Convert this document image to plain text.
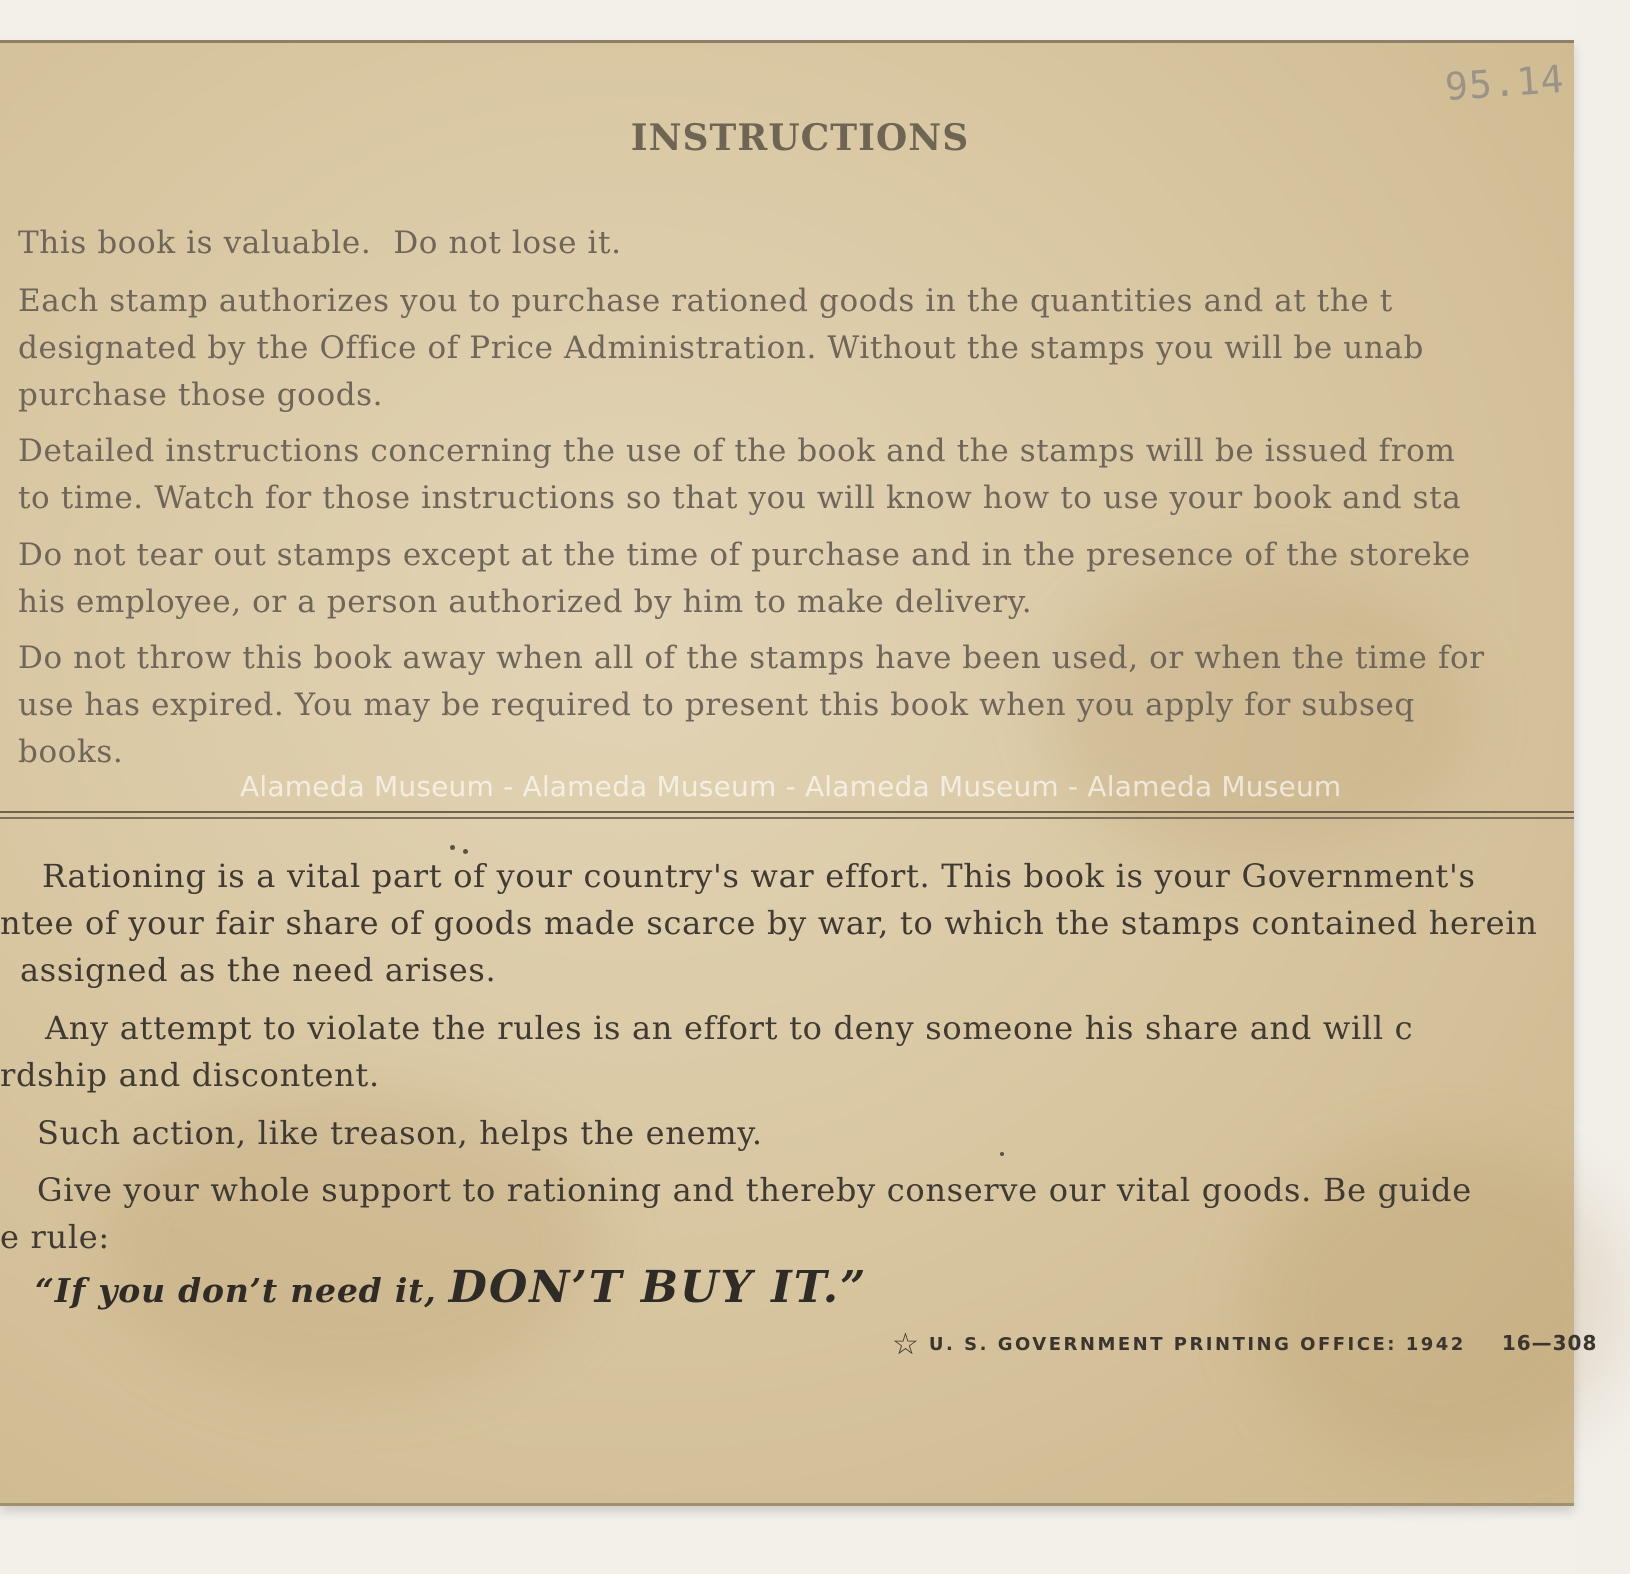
95.14
INSTRUCTIONS
This book is valuable. Do not lose it.
Each stamp authorizes you to purchase rationed goods in the quantities and at the t
designated by the Office of Price Administration. Without the stamps you will be unab
purchase those goods.
Detailed instructions concerning the use of the book and the stamps will be issued from
to time. Watch for those instructions so that you will know how to use your book and sta
Do not tear out stamps except at the time of purchase and in the presence of the storeke
his employee, or a person authorized by him to make delivery.
Do not throw this book away when all of the stamps have been used, or when the time for
use has expired. You may be required to present this book when you apply for subseq
books.
Alameda Museum - Alameda Museum - Alameda Museum - Alameda Museum
Rationing is a vital part of your country's war effort. This book is your Government's
ntee of your fair share of goods made scarce by war, to which the stamps contained herein
assigned as the need arises.
Any attempt to violate the rules is an effort to deny someone his share and will c
rdship and discontent.
Such action, like treason, helps the enemy.
Give your whole support to rationing and thereby conserve our vital goods. Be guide
e rule:
“If you don’t need it, DON’T BUY IT.”
☆ U. S. GOVERNMENT PRINTING OFFICE: 1942 16—308
